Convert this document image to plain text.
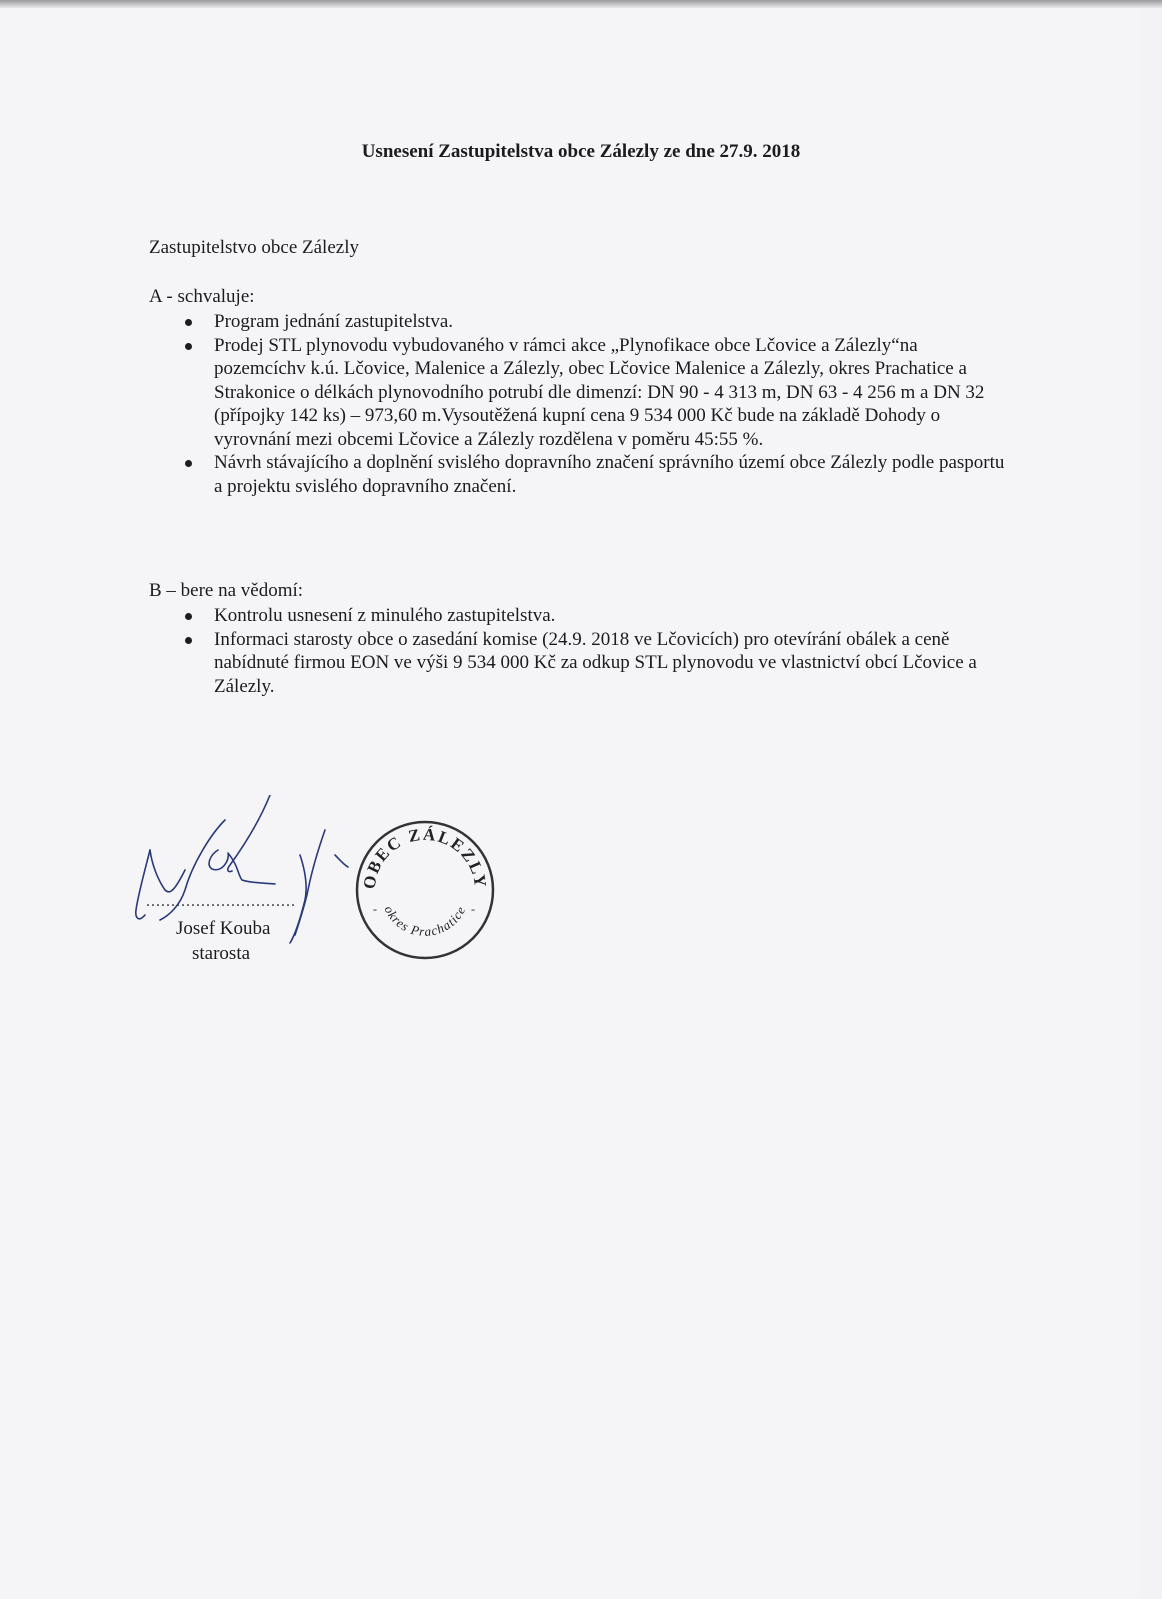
Usnesení Zastupitelstva obce Zálezly ze dne 27.9. 2018
Zastupitelstvo obce Zálezly
A - schvaluje:
Program jednání zastupitelstva.
Prodej STL plynovodu vybudovaného v rámci akce „Plynofikace obce Lčovice a Zálezly“na pozemcíchv k.ú. Lčovice, Malenice a Zálezly, obec Lčovice Malenice a Zálezly, okres Prachatice a Strakonice o délkách plynovodního potrubí dle dimenzí: DN 90 - 4 313 m, DN 63 - 4 256 m a DN 32 (přípojky 142 ks) – 973,60 m.Vysoutěžená kupní cena 9 534 000 Kč bude na základě Dohody o vyrovnání mezi obcemi Lčovice a Zálezly rozdělena v poměru 45:55 %.
Návrh stávajícího a doplnění svislého dopravního značení správního území obce Zálezly podle pasportu a projektu svislého dopravního značení.
B – bere na vědomí:
Kontrolu usnesení z minulého zastupitelstva.
Informaci starosty obce o zasedání komise (24.9. 2018 ve Lčovicích) pro otevírání obálek a ceně nabídnuté firmou EON ve výši 9 534 000 Kč za odkup STL plynovodu ve vlastnictví obcí Lčovice a Zálezly.
..............................
Josef Kouba
starosta
OBEC ZÁLEZLY
okres Prachatice
-	-
